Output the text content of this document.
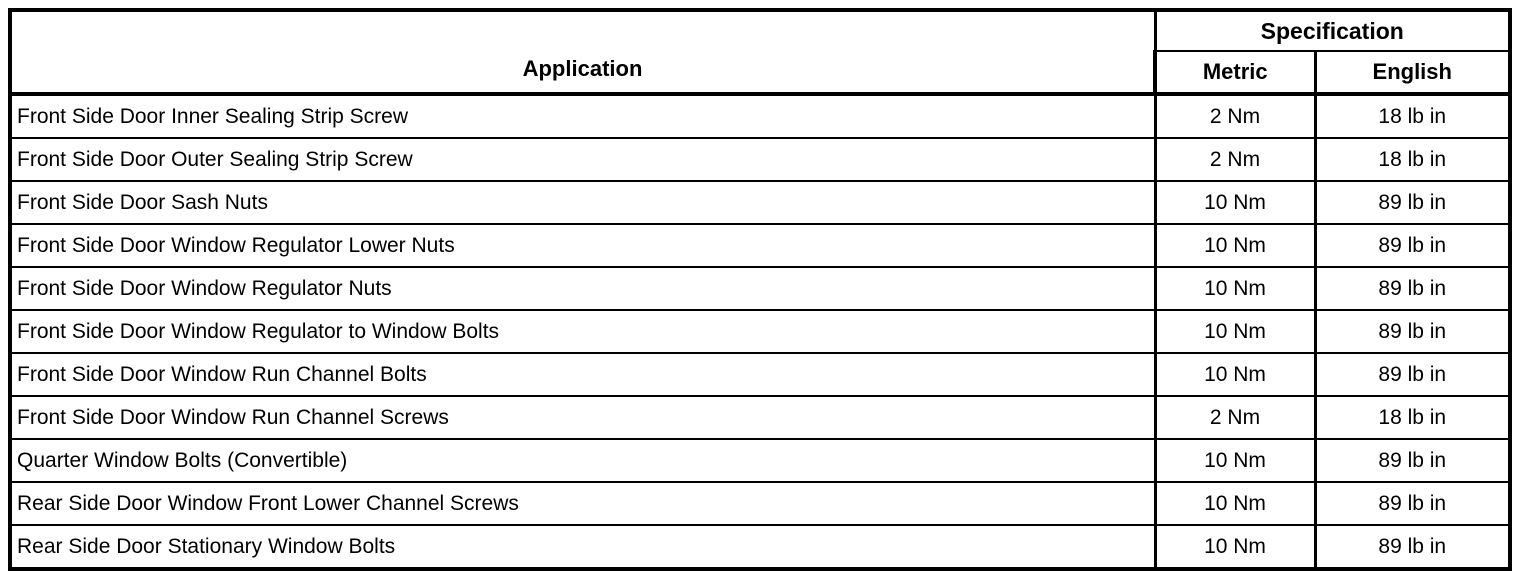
Application	Specification	
	Metric	English
Front Side Door Inner Sealing Strip Screw	2 Nm	18 lb in
Front Side Door Outer Sealing Strip Screw	2 Nm	18 lb in
Front Side Door Sash Nuts	10 Nm	89 lb in
Front Side Door Window Regulator Lower Nuts	10 Nm	89 lb in
Front Side Door Window Regulator Nuts	10 Nm	89 lb in
Front Side Door Window Regulator to Window Bolts	10 Nm	89 lb in
Front Side Door Window Run Channel Bolts	10 Nm	89 lb in
Front Side Door Window Run Channel Screws	2 Nm	18 lb in
Quarter Window Bolts (Convertible)	10 Nm	89 lb in
Rear Side Door Window Front Lower Channel Screws	10 Nm	89 lb in
Rear Side Door Stationary Window Bolts	10 Nm	89 lb in
